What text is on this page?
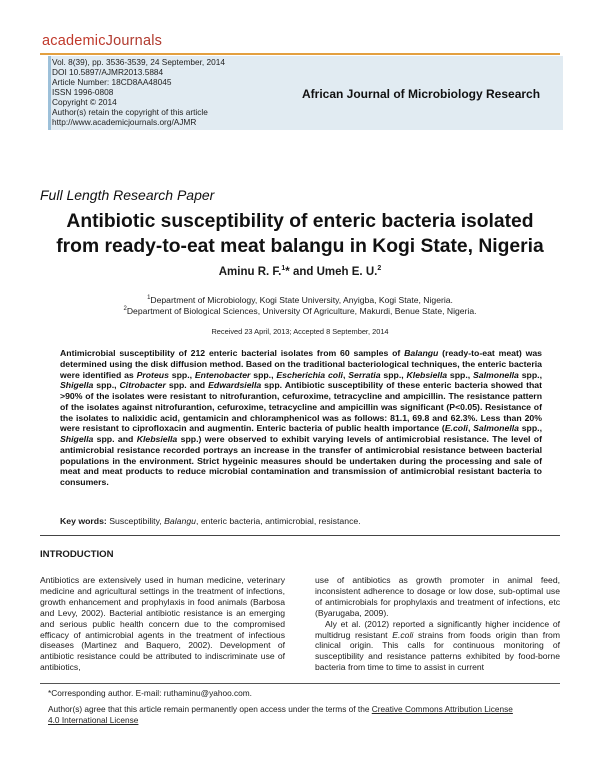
academicJournals
Vol. 8(39), pp. 3536-3539, 24 September, 2014
DOI 10.5897/AJMR2013.5884
Article Number: 18CD8AA48045
ISSN 1996-0808
Copyright © 2014
Author(s) retain the copyright of this article
http://www.academicjournals.org/AJMR
African Journal of Microbiology Research
Full Length Research Paper
Antibiotic susceptibility of enteric bacteria isolated
from ready-to-eat meat balangu in Kogi State, Nigeria
Aminu R. F.$^1$* and Umeh E. U.$^2$
$^1$Department of Microbiology, Kogi State University, Anyigba, Kogi State, Nigeria.
$^2$Department of Biological Sciences, University Of Agriculture, Makurdi, Benue State, Nigeria.
Received 23 April, 2013; Accepted 8 September, 2014
Antimicrobial susceptibility of 212 enteric bacterial isolates from 60 samples of Balangu (ready-to-eat meat) was determined using the disk diffusion method. Based on the traditional bacteriological techniques, the enteric bacteria were identified as Proteus spp., Entenobacter spp., Escherichia coli, Serratia spp., Klebsiella spp., Salmonella spp., Shigella spp., Citrobacter spp. and Edwardsiella spp. Antibiotic susceptibility of these enteric bacteria showed that >90% of the isolates were resistant to nitrofurantion, cefuroxime, tetracycline and ampicillin. The resistance pattern of the isolates against nitrofurantion, cefuroxime, tetracycline and ampicillin was significant (P<0.05). Resistance of the isolates to nalixidic acid, gentamicin and chloramphenicol was as follows: 81.1, 69.8 and 62.3%. Less than 20% were resistant to ciprofloxacin and augmentin. Enteric bacteria of public health importance (E.coli, Salmonella spp., Shigella spp. and Klebsiella spp.) were observed to exhibit varying levels of antimicrobial resistance. The level of antimicrobial resistance recorded portrays an increase in the transfer of antimicrobial resistance between bacterial populations in the environment. Strict hygeinic measures should be undertaken during the processing and sale of meat and meat products to reduce microbial contamination and transmission of antimicrobial resistant bacteria to consumers.
Key words: Susceptibility, Balangu, enteric bacteria, antimicrobial, resistance.
INTRODUCTION
Antibiotics are extensively used in human medicine, veterinary medicine and agricultural settings in the treatment of infections, growth enhancement and prophylaxis in food animals (Barbosa and Levy, 2002). Bacterial antibiotic resistance is an emerging and serious public health concern due to the compromised efficacy of antimicrobial agents in the treatment of infectious diseases (Martinez and Baquero, 2002). Development of antibiotic resistance could be attributed to indiscriminate use of antibiotics,
use of antibiotics as growth promoter in animal feed, inconsistent adherence to dosage or low dose, sub-optimal use of antimicrobials for prophylaxis and treatment of infections, etc (Byarugaba, 2009).
Aly et al. (2012) reported a significantly higher incidence of multidrug resistant E.coli strains from foods origin than from clinical origin. This calls for continuous monitoring of susceptibility and resistance patterns exhibited by food-borne bacteria from time to time to assist in current
*Corresponding author. E-mail: ruthaminu@yahoo.com.
Author(s) agree that this article remain permanently open access under the terms of the Creative Commons Attribution License
4.0 International License
